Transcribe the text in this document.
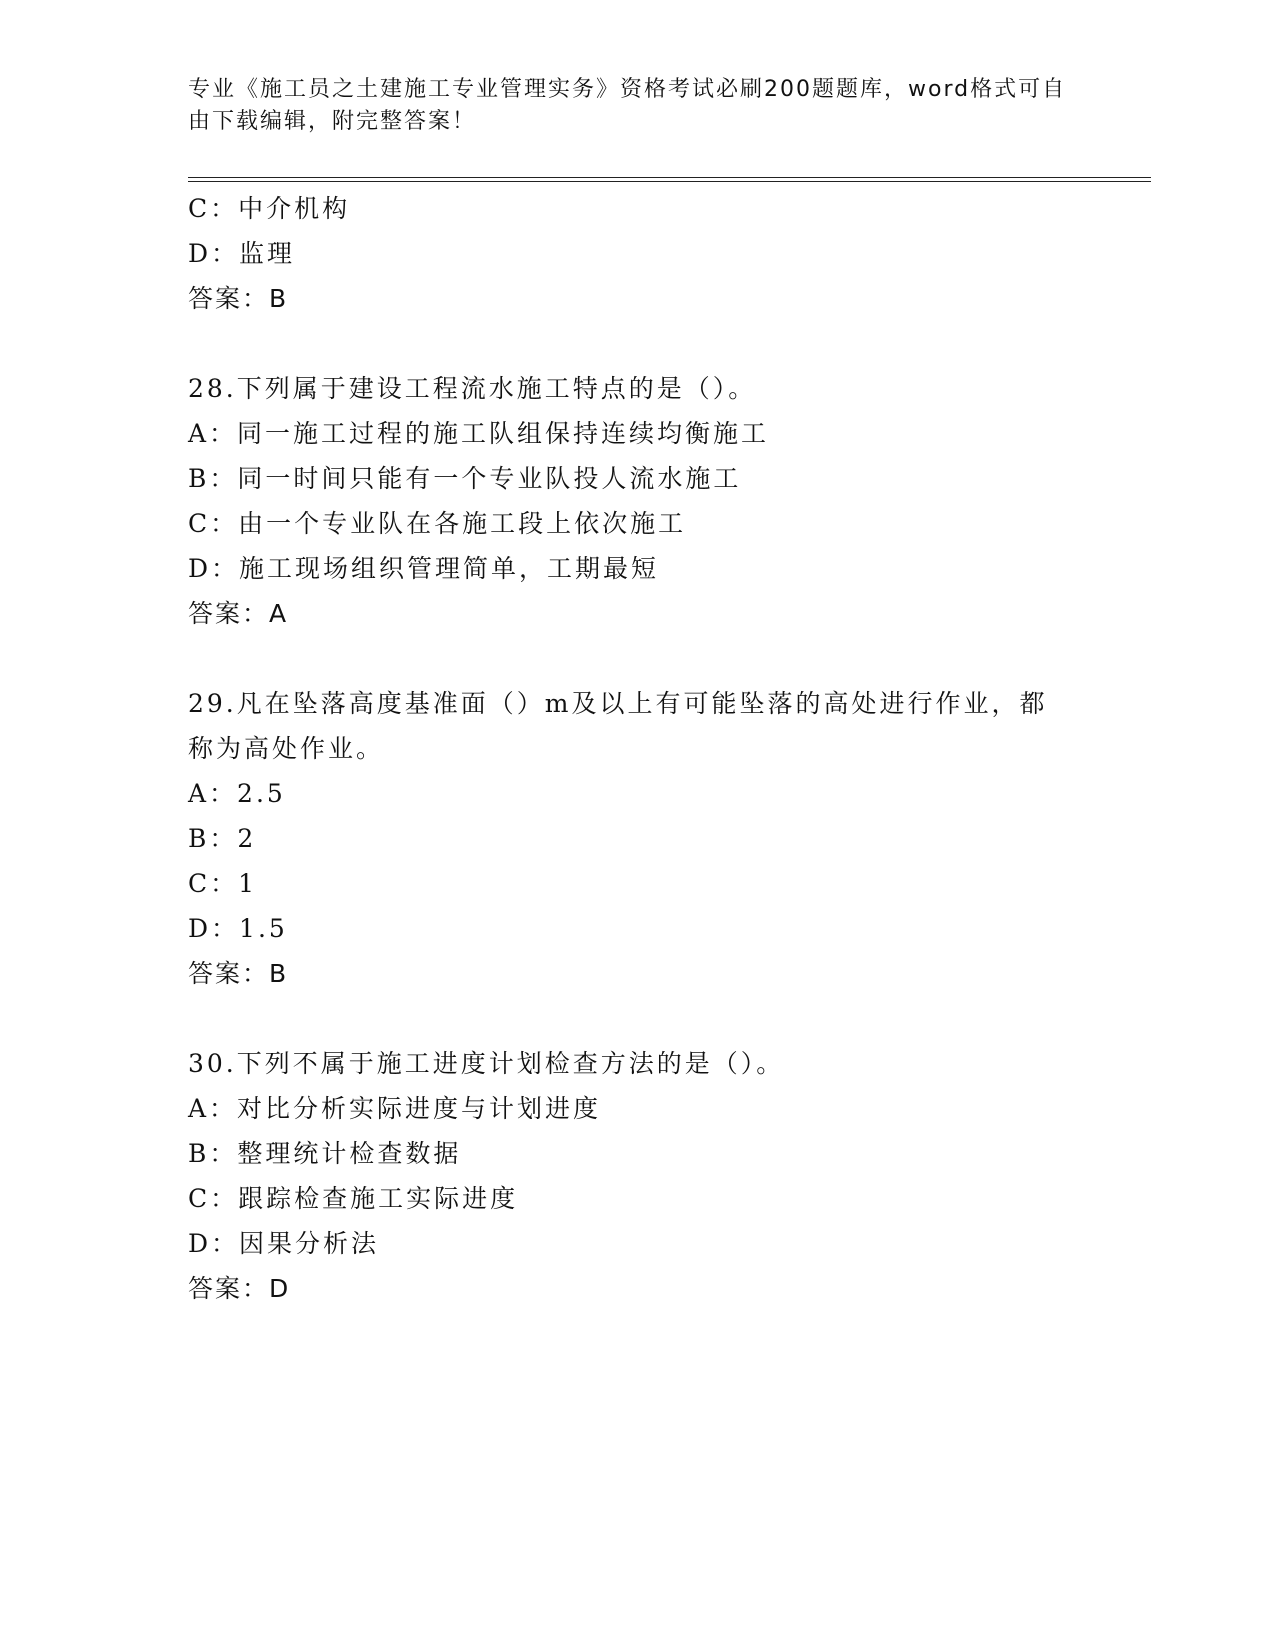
专业《施工员之土建施工专业管理实务》资格考试必刷200题题库，word格式可自由下载编辑，附完整答案！
C：中介机构
D：监理
答案：B
28.下列属于建设工程流水施工特点的是（）。
A：同一施工过程的施工队组保持连续均衡施工
B：同一时间只能有一个专业队投人流水施工
C：由一个专业队在各施工段上依次施工
D：施工现场组织管理简单，工期最短
答案：A
29.凡在坠落高度基准面（）m及以上有可能坠落的高处进行作业，都称为高处作业。
A：2.5
B：2
C：1
D：1.5
答案：B
30.下列不属于施工进度计划检查方法的是（）。
A：对比分析实际进度与计划进度
B：整理统计检查数据
C：跟踪检查施工实际进度
D：因果分析法
答案：D
